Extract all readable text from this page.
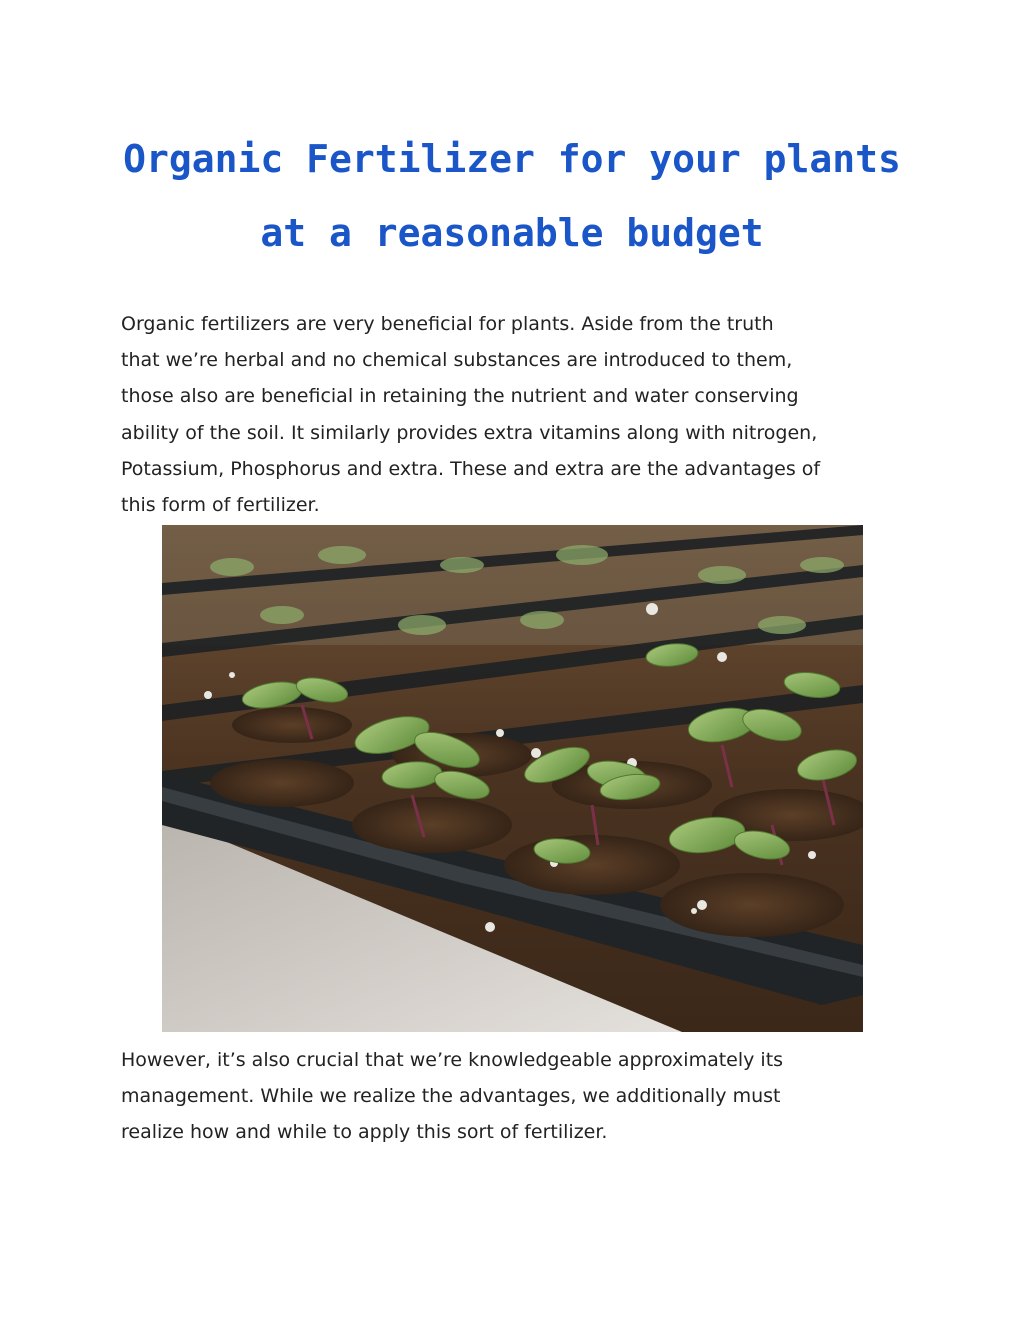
Organic Fertilizer for your plants
at a reasonable budget

Organic fertilizers are very beneficial for plants. Aside from the truth
that we’re herbal and no chemical substances are introduced to them,
those also are beneficial in retaining the nutrient and water conserving
ability of the soil. It similarly provides extra vitamins along with nitrogen,
Potassium, Phosphorus and extra. These and extra are the advantages of
this form of fertilizer.

However, it’s also crucial that we’re knowledgeable approximately its
management. While we realize the advantages, we additionally must
realize how and while to apply this sort of fertilizer.
